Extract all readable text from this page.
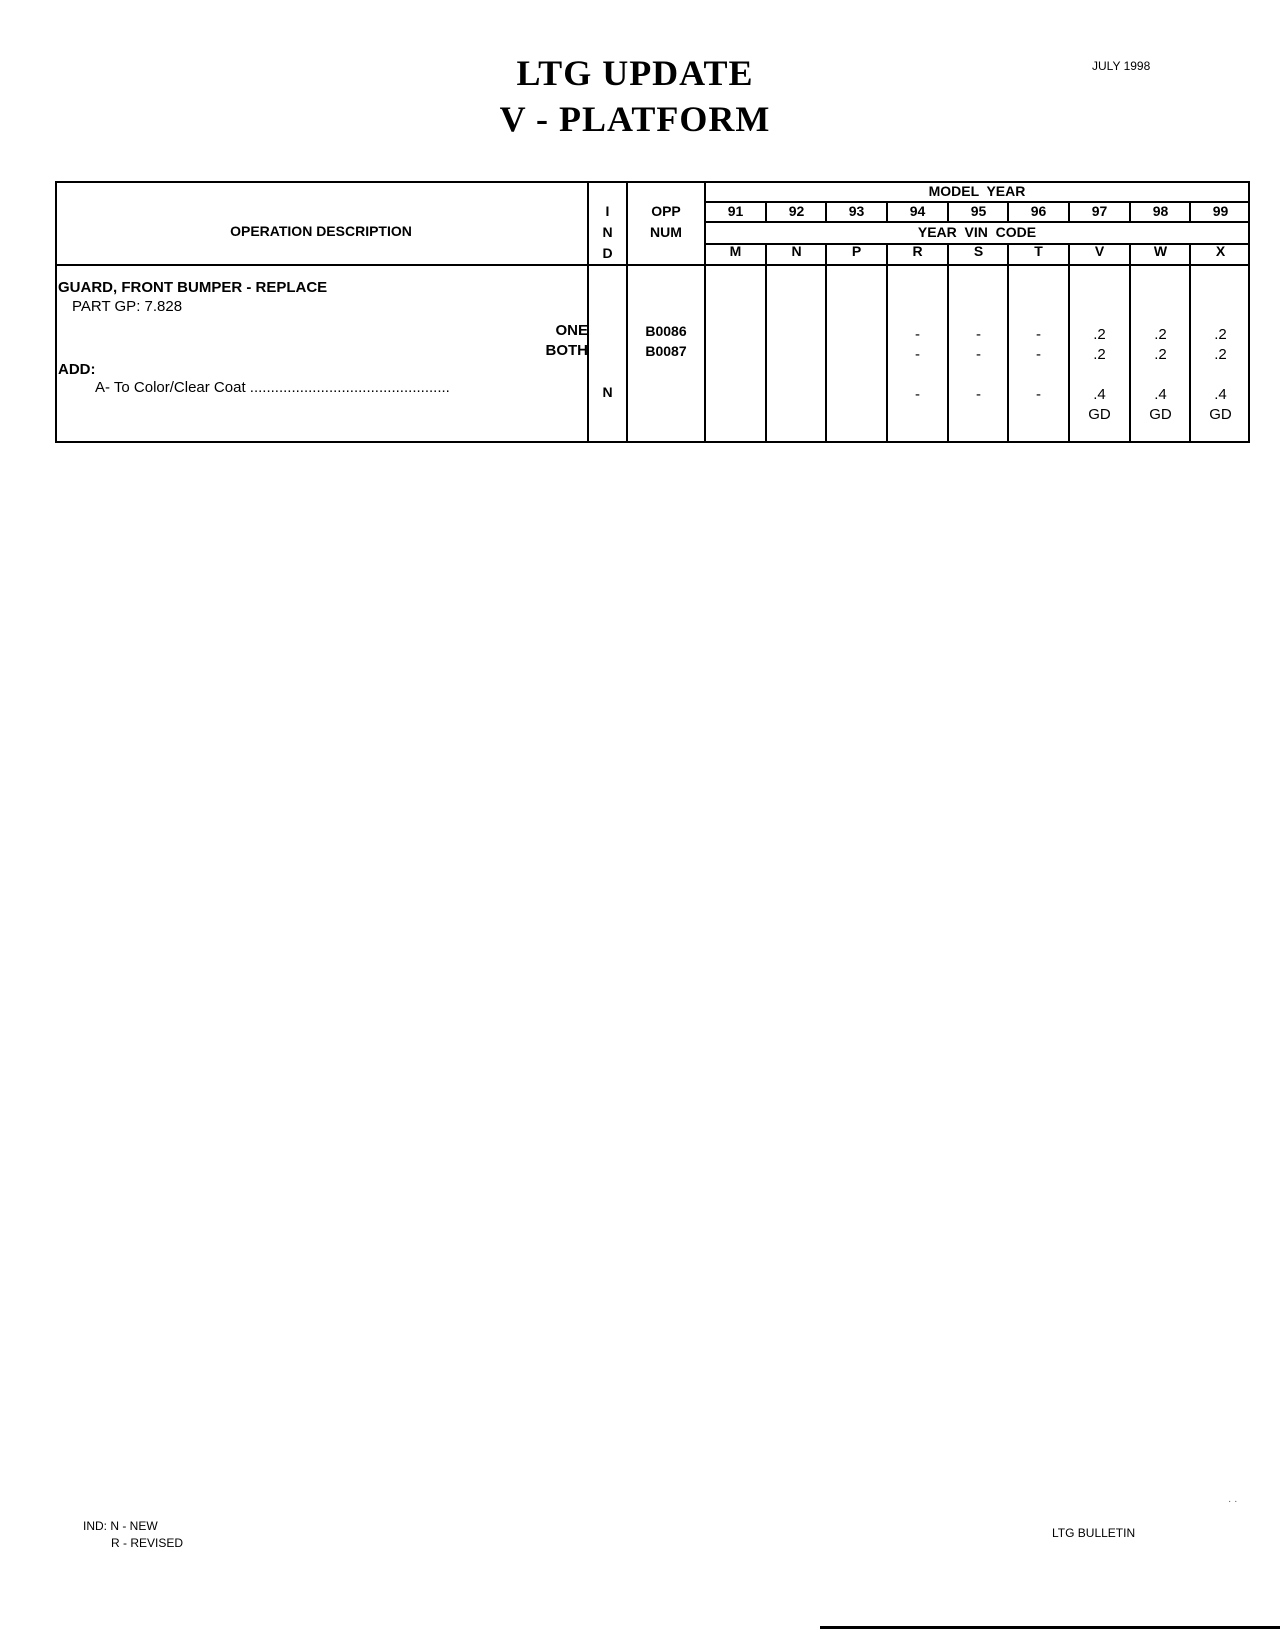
LTG UPDATE
V - PLATFORM
JULY 1998
OPERATION DESCRIPTION
I
N
D
OPP
NUM
MODEL  YEAR
YEAR  VIN  CODE
91
M
92
N
93
P
94
R
95
S
96
T
97
V
98
W
99
X
GUARD, FRONT BUMPER - REPLACE
PART GP: 7.828
ONE
BOTH
ADD:
A- To Color/Clear Coat ................................................	N
B0086
B0087
-
-
-
-
-
-
-
-
-
.2
.2
.4
GD
.2
.2
.4
GD
.2
.2
.4
GD
IND: N - NEW
R - REVISED
LTG BULLETIN
· ·
